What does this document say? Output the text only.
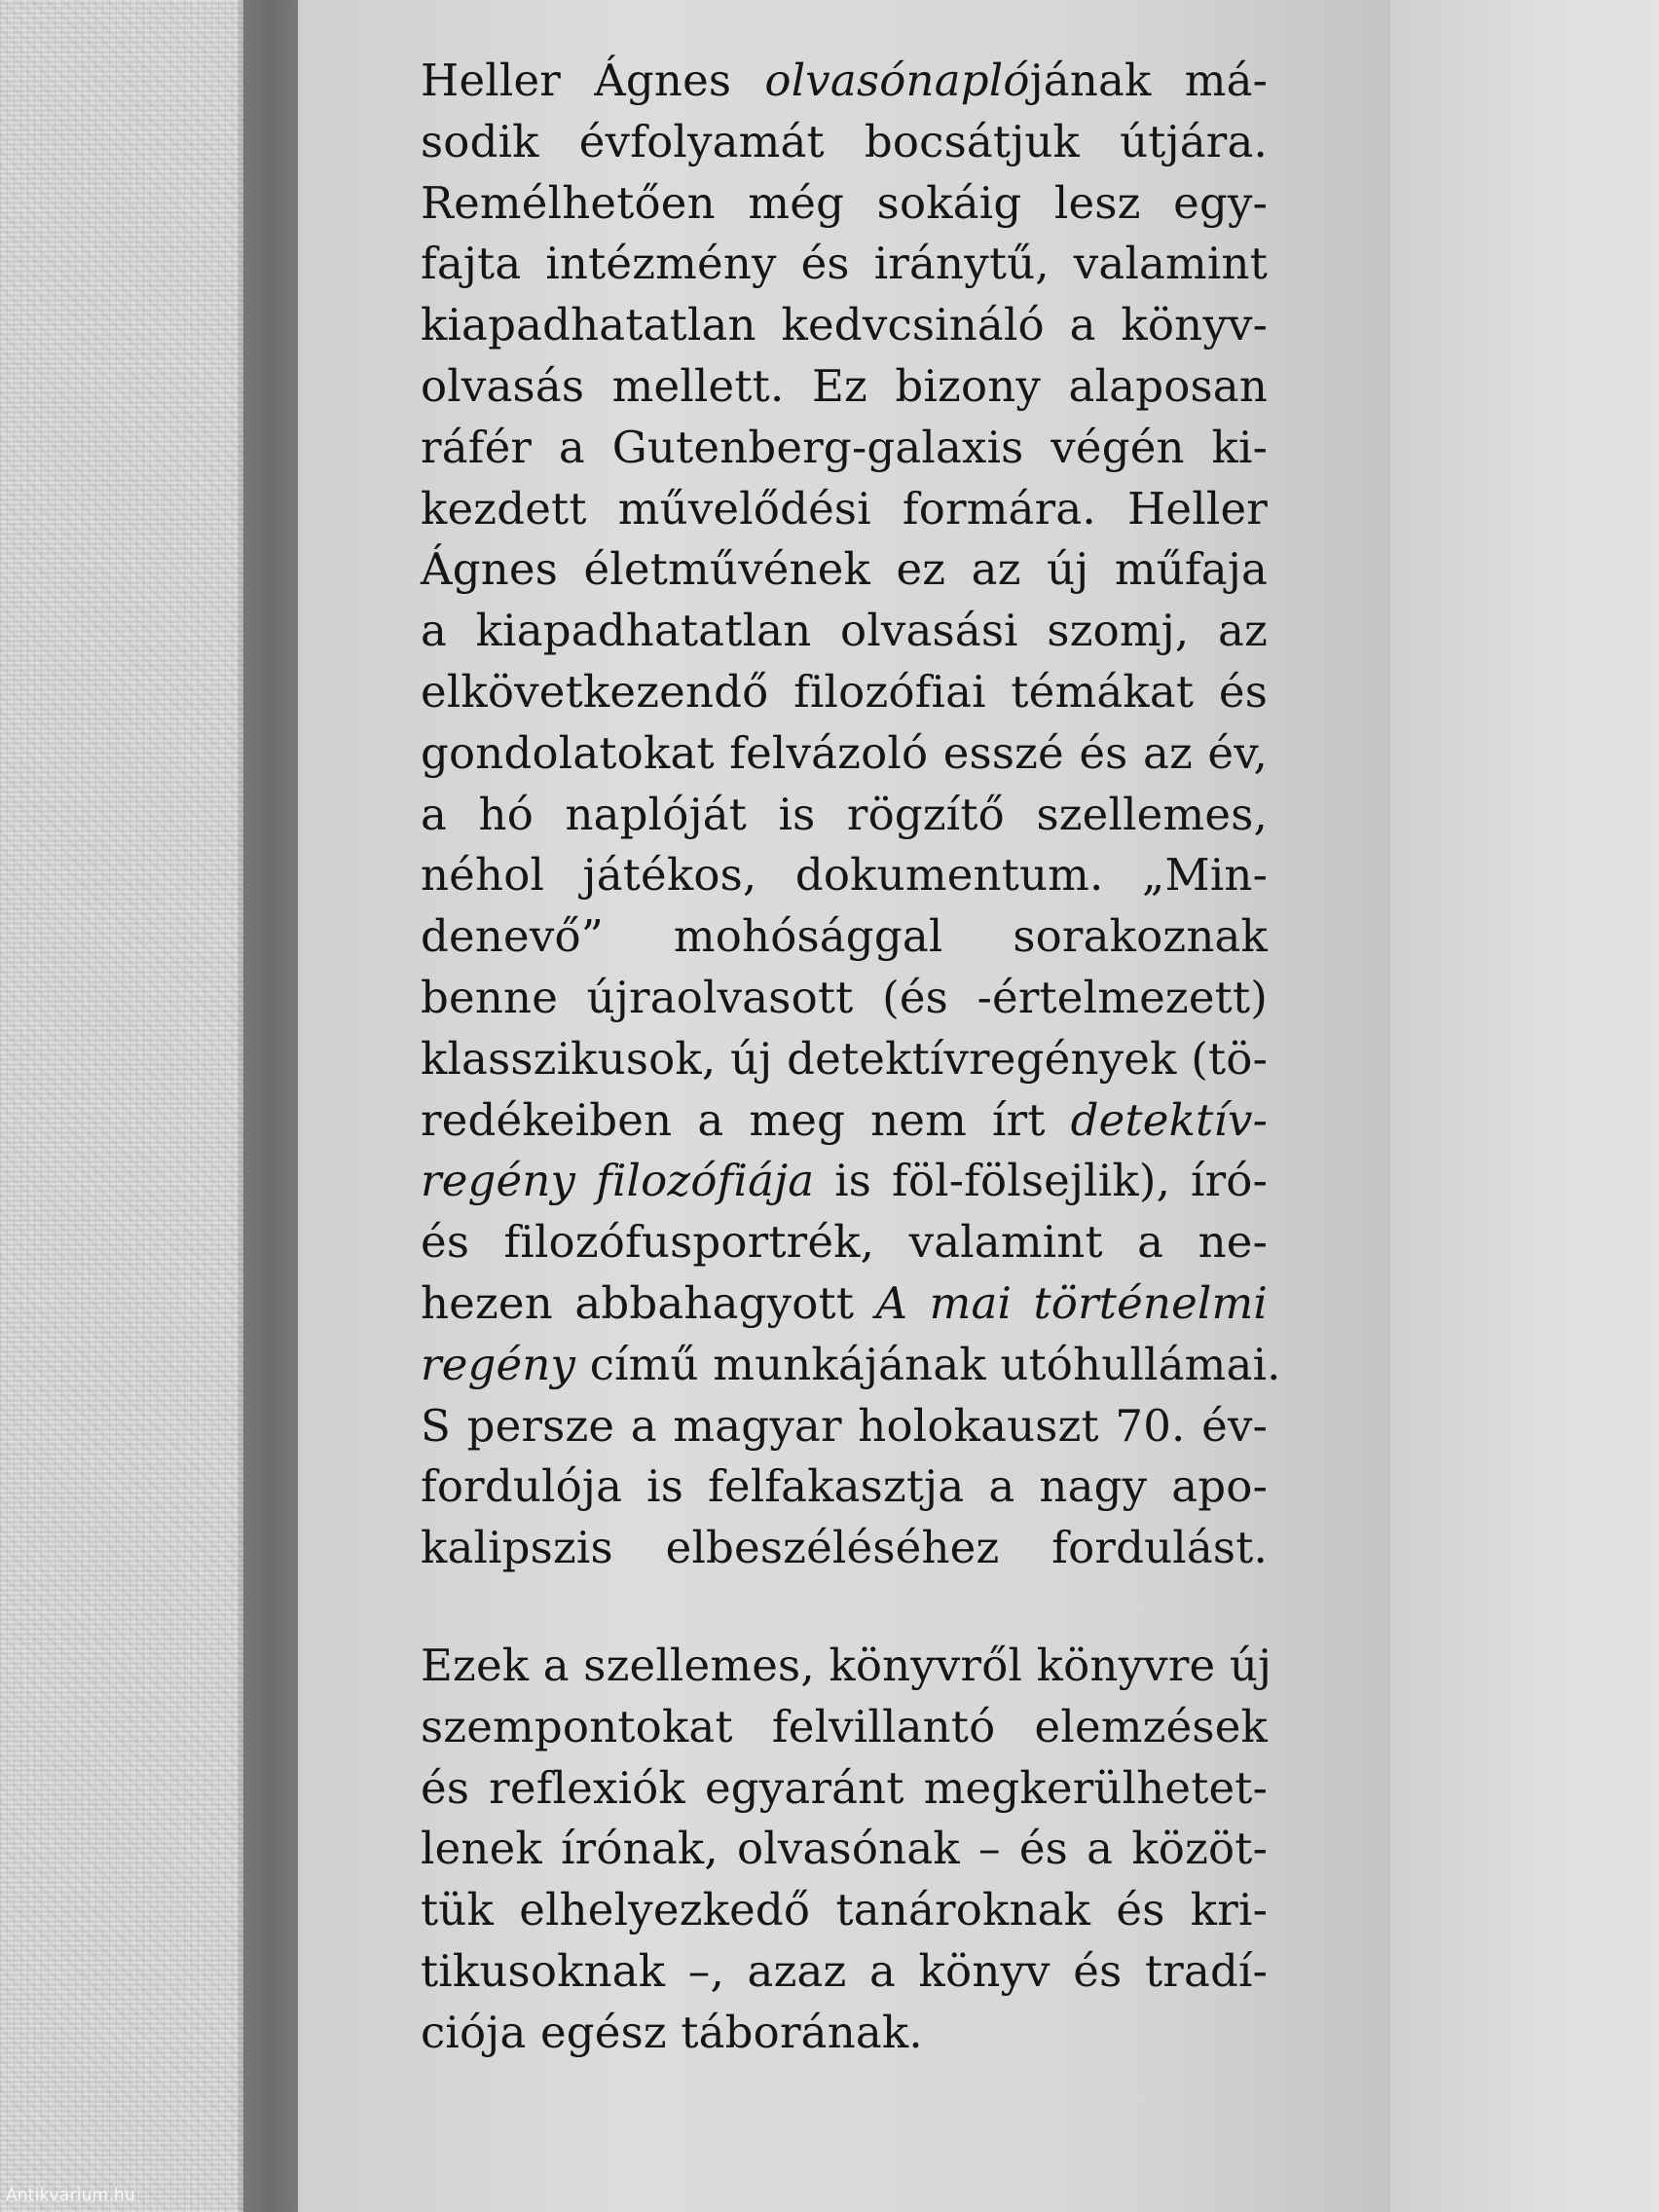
Heller Ágnes olvasónaplójának má-
sodik évfolyamát bocsátjuk útjára.
Remélhetően még sokáig lesz egy-
fajta intézmény és iránytű, valamint
kiapadhatatlan kedvcsináló a könyv-
olvasás mellett. Ez bizony alaposan
ráfér a Gutenberg-galaxis végén ki-
kezdett művelődési formára. Heller
Ágnes életművének ez az új műfaja
a kiapadhatatlan olvasási szomj, az
elkövetkezendő filozófiai témákat és
gondolatokat felvázoló esszé és az év,
a hó naplóját is rögzítő szellemes,
néhol játékos, dokumentum. „Min-
denevő” mohósággal sorakoznak
benne újraolvasott (és -értelmezett)
klasszikusok, új detektívregények (tö-
redékeiben a meg nem írt detektív-
regény filozófiája is föl-fölsejlik), író-
és filozófusportrék, valamint a ne-
hezen abbahagyott A mai történelmi
regény című munkájának utóhullámai.
S persze a magyar holokauszt 70. év-
fordulója is felfakasztja a nagy apo-
kalipszis elbeszéléséhez fordulást.

Ezek a szellemes, könyvről könyvre új
szempontokat felvillantó elemzések
és reflexiók egyaránt megkerülhetet-
lenek írónak, olvasónak – és a közöt-
tük elhelyezkedő tanároknak és kri-
tikusoknak –, azaz a könyv és tradí-
ciója egész táborának.

Antikvarium.hu
